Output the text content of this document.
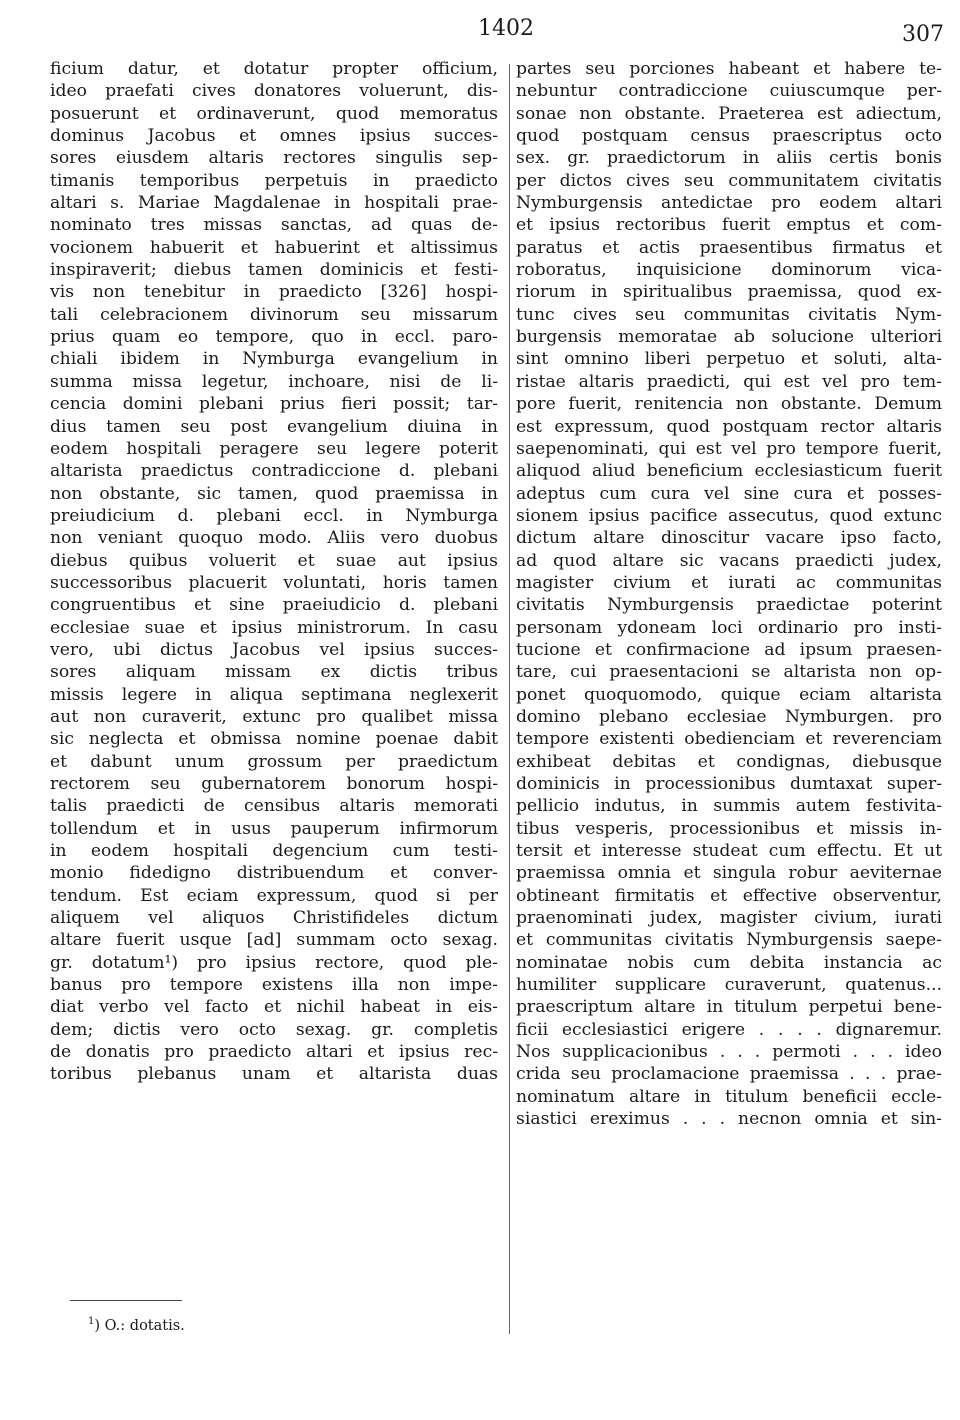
1402	307
ficium datur, et dotatur propter officium,
ideo praefati cives donatores voluerunt, dis-
posuerunt et ordinaverunt, quod memoratus
dominus Jacobus et omnes ipsius succes-
sores eiusdem altaris rectores singulis sep-
timanis temporibus perpetuis in praedicto
altari s. Mariae Magdalenae in hospitali prae-
nominato tres missas sanctas, ad quas de-
vocionem habuerit et habuerint et altissimus
inspiraverit; diebus tamen dominicis et festi-
vis non tenebitur in praedicto [326] hospi-
tali celebracionem divinorum seu missarum
prius quam eo tempore, quo in eccl. paro-
chiali ibidem in Nymburga evangelium in
summa missa legetur, inchoare, nisi de li-
cencia domini plebani prius fieri possit; tar-
dius tamen seu post evangelium diuina in
eodem hospitali peragere seu legere poterit
altarista praedictus contradiccione d. plebani
non obstante, sic tamen, quod praemissa in
preiudicium d. plebani eccl. in Nymburga
non veniant quoquo modo. Aliis vero duobus
diebus quibus voluerit et suae aut ipsius
successoribus placuerit voluntati, horis tamen
congruentibus et sine praeiudicio d. plebani
ecclesiae suae et ipsius ministrorum. In casu
vero, ubi dictus Jacobus vel ipsius succes-
sores aliquam missam ex dictis tribus
missis legere in aliqua septimana neglexerit
aut non curaverit, extunc pro qualibet missa
sic neglecta et obmissa nomine poenae dabit
et dabunt unum grossum per praedictum
rectorem seu gubernatorem bonorum hospi-
talis praedicti de censibus altaris memorati
tollendum et in usus pauperum infirmorum
in eodem hospitali degencium cum testi-
monio fidedigno distribuendum et conver-
tendum. Est eciam expressum, quod si per
aliquem vel aliquos Christifideles dictum
altare fuerit usque [ad] summam octo sexag.
gr. dotatum¹) pro ipsius rectore, quod ple-
banus pro tempore existens illa non impe-
diat verbo vel facto et nichil habeat in eis-
dem; dictis vero octo sexag. gr. completis
de donatis pro praedicto altari et ipsius rec-
toribus plebanus unam et altarista duas
partes seu porciones habeant et habere te-
nebuntur contradiccione cuiuscumque per-
sonae non obstante. Praeterea est adiectum,
quod postquam census praescriptus octo
sex. gr. praedictorum in aliis certis bonis
per dictos cives seu communitatem civitatis
Nymburgensis antedictae pro eodem altari
et ipsius rectoribus fuerit emptus et com-
paratus et actis praesentibus firmatus et
roboratus, inquisicione dominorum vica-
riorum in spiritualibus praemissa, quod ex-
tunc cives seu communitas civitatis Nym-
burgensis memoratae ab solucione ulteriori
sint omnino liberi perpetuo et soluti, alta-
ristae altaris praedicti, qui est vel pro tem-
pore fuerit, renitencia non obstante. Demum
est expressum, quod postquam rector altaris
saepenominati, qui est vel pro tempore fuerit,
aliquod aliud beneficium ecclesiasticum fuerit
adeptus cum cura vel sine cura et posses-
sionem ipsius pacifice assecutus, quod extunc
dictum altare dinoscitur vacare ipso facto,
ad quod altare sic vacans praedicti judex,
magister civium et iurati ac communitas
civitatis Nymburgensis praedictae poterint
personam ydoneam loci ordinario pro insti-
tucione et confirmacione ad ipsum praesen-
tare, cui praesentacioni se altarista non op-
ponet quoquomodo, quique eciam altarista
domino plebano ecclesiae Nymburgen. pro
tempore existenti obedienciam et reverenciam
exhibeat debitas et condignas, diebusque
dominicis in processionibus dumtaxat super-
pellicio indutus, in summis autem festivita-
tibus vesperis, processionibus et missis in-
tersit et interesse studeat cum effectu. Et ut
praemissa omnia et singula robur aeviternae
obtineant firmitatis et effective observentur,
praenominati judex, magister civium, iurati
et communitas civitatis Nymburgensis saepe-
nominatae nobis cum debita instancia ac
humiliter supplicare curaverunt, quatenus...
praescriptum altare in titulum perpetui bene-
ficii ecclesiastici erigere . . . . dignaremur.
Nos supplicacionibus . . . permoti . . . ideo
crida seu proclamacione praemissa . . . prae-
nominatum altare in titulum beneficii eccle-
siastici ereximus . . . necnon omnia et sin-
$^1$) O.: dotatis.
